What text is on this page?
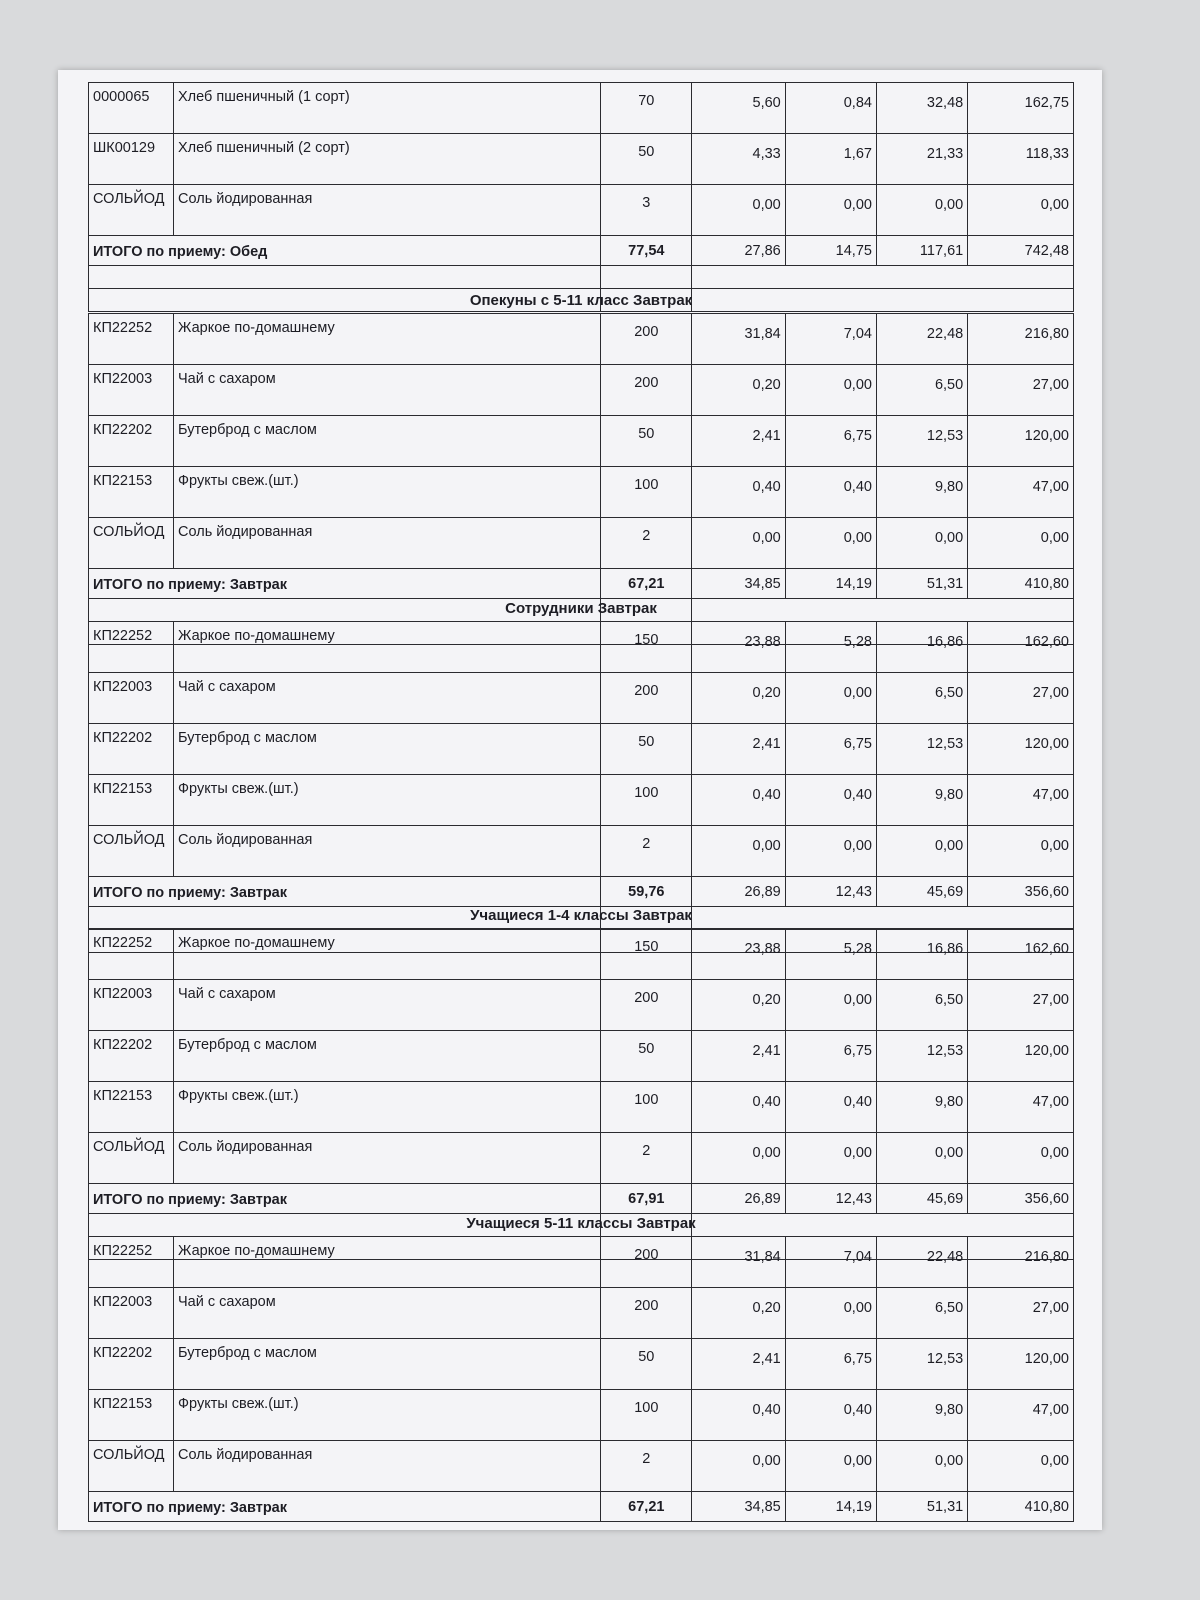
0000065	Хлеб пшеничный (1 сорт)	70	5,60	0,84	32,48	162,75
ШК00129	Хлеб пшеничный (2 сорт)	50	4,33	1,67	21,33	118,33
СОЛЬЙОД	Соль йодированная	3	0,00	0,00	0,00	0,00
ИТОГО по приему: Обед		77,54	27,86	14,75	117,61	742,48

Опекуны с 5-11 класс Завтрак
КП22252	Жаркое по-домашнему	200	31,84	7,04	22,48	216,80
КП22003	Чай с сахаром	200	0,20	0,00	6,50	27,00
КП22202	Бутерброд с маслом	50	2,41	6,75	12,53	120,00
КП22153	Фрукты свеж.(шт.)	100	0,40	0,40	9,80	47,00
СОЛЬЙОД	Соль йодированная	2	0,00	0,00	0,00	0,00
ИТОГО по приему: Завтрак		67,21	34,85	14,19	51,31	410,80

Сотрудники Завтрак
КП22252	Жаркое по-домашнему	150	23,88	5,28	16,86	162,60
КП22003	Чай с сахаром	200	0,20	0,00	6,50	27,00
КП22202	Бутерброд с маслом	50	2,41	6,75	12,53	120,00
КП22153	Фрукты свеж.(шт.)	100	0,40	0,40	9,80	47,00
СОЛЬЙОД	Соль йодированная	2	0,00	0,00	0,00	0,00
ИТОГО по приему: Завтрак		59,76	26,89	12,43	45,69	356,60

Учащиеся 1-4 классы Завтрак
КП22252	Жаркое по-домашнему	150	23,88	5,28	16,86	162,60
КП22003	Чай с сахаром	200	0,20	0,00	6,50	27,00
КП22202	Бутерброд с маслом	50	2,41	6,75	12,53	120,00
КП22153	Фрукты свеж.(шт.)	100	0,40	0,40	9,80	47,00
СОЛЬЙОД	Соль йодированная	2	0,00	0,00	0,00	0,00
ИТОГО по приему: Завтрак		67,91	26,89	12,43	45,69	356,60

Учащиеся 5-11 классы Завтрак
КП22252	Жаркое по-домашнему	200	31,84	7,04	22,48	216,80
КП22003	Чай с сахаром	200	0,20	0,00	6,50	27,00
КП22202	Бутерброд с маслом	50	2,41	6,75	12,53	120,00
КП22153	Фрукты свеж.(шт.)	100	0,40	0,40	9,80	47,00
СОЛЬЙОД	Соль йодированная	2	0,00	0,00	0,00	0,00
ИТОГО по приему: Завтрак		67,21	34,85	14,19	51,31	410,80
